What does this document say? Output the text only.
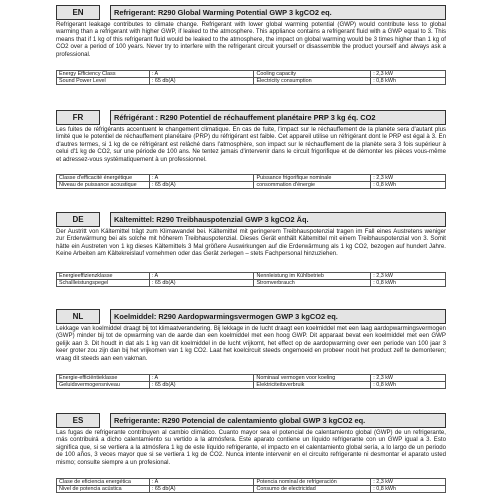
EN	Refrigerant: R290 Global Warming Potential GWP 3 kgCO2 eq.
Refrigerant leakage contributes to climate change. Refrigerant with lower global warming potential (GWP) would contribute less to global warming than a refrigerant with higher GWP, if leaked to the atmosphere. This appliance contains a refrigerant fluid with a GWP equal to 3. This means that if 1 kg of this refrigerant fluid would be leaked to the atmosphere, the impact on global warming would be 3 times higher than 1 kg of CO2 over a period of 100 years. Never try to interfere with the refrigerant circuit yourself or disassemble the product yourself and always ask a professional.
Energy Efficiency Class	: A	Cooling capacity	: 2,3 kW
Sound Power Level	: 65 db(A)	Electricity consumption	: 0,8 kWh
FR	Réfrigérant : R290 Potentiel de réchauffement planétaire PRP 3 kg éq. CO2
Les fuites de réfrigérants accentuent le changement climatique. En cas de fuite, l'impact sur le réchauffement de la planète sera d'autant plus limité que le potentiel de réchauffement planétaire (PRP) du réfrigérant est faible. Cet appareil utilise un réfrigérant dont le PRP est égal à 3. En d'autres termes, si 1 kg de ce réfrigérant est relâché dans l'atmosphère, son impact sur le réchauffement de la planète sera 3 fois supérieur à celui d'1 kg de CO2, sur une période de 100 ans. Ne tentez jamais d'intervenir dans le circuit frigorifique et de démonter les pièces vous-même et adressez-vous systématiquement à un professionnel.
Classe d'efficacité énergétique	: A	Puissance frigorifique nominale	: 2,3 kW
Niveau de puissance acoustique	: 65 db(A)	consommation d'énergie	: 0,8 kWh
DE	Kältemittel: R290 Treibhauspotenzial GWP 3 kgCO2 Äq.
Der Austritt von Kältemittel trägt zum Klimawandel bei. Kältemittel mit geringerem Treibhauspotenzial tragen im Fall eines Austretens weniger zur Erderwärmung bei als solche mit höherem Treibhauspotenzial. Dieses Gerät enthält Kältemittel mit einem Treibhauspotenzial von 3. Somit hätte ein Austreten von 1 kg dieses Kältemittels 3 Mal größere Auswirkungen auf die Erderwärmung als 1 kg CO2, bezogen auf hundert Jahre. Keine Arbeiten am Kältekreislauf vornehmen oder das Gerät zerlegen – stets Fachpersonal hinzuziehen.
Energieeffizienzklasse	: A	Nennleistung im Kühlbetrieb	: 2,3 kW
Schallleistungspegel	: 65 db(A)	Stromverbrauch	: 0,8 kWh
NL	Koelmiddel: R290 Aardopwarmingsvermogen GWP 3 kgCO2 eq.
Lekkage van koelmiddel draagt bij tot klimaatverandering. Bij lekkage in de lucht draagt een koelmiddel met een laag aardopwarmingsvermogen (GWP) minder bij tot de opwarming van de aarde dan een koelmiddel met een hoog GWP. Dit apparaat bevat een koelmiddel met een GWP gelijk aan 3. Dit houdt in dat als 1 kg van dit koelmiddel in de lucht vrijkomt, het effect op de aardopwarming over een periode van 100 jaar 3 keer groter zou zijn dan bij het vrijkomen van 1 kg CO2. Laat het koelcircuit steeds ongemoeid en probeer nooit het product zelf te demonteren; vraag dit steeds aan een vakman.
Energie-efficiëntieklasse	: A	Nominaal vermogen voor koeling	: 2,3 kW
Geluidsvermogensniveau	: 65 db(A)	Elektriciteitsverbruik	: 0,8 kWh
ES	Refrigerante: R290 Potencial de calentamiento global GWP 3 kgCO2 eq.
Las fugas de refrigerante contribuyen al cambio climático. Cuanto mayor sea el potencial de calentamiento global (GWP) de un refrigerante, más contribuirá a dicho calentamiento su vertido a la atmósfera. Este aparato contiene un líquido refrigerante con un GWP igual a 3. Esto significa que, si se vertiera a la atmósfera 1 kg de este líquido refrigerante, el impacto en el calentamiento global sería, a lo largo de un periodo de 100 años, 3 veces mayor que si se vertiera 1 kg de CO2. Nunca intente intervenir en el circuito refrigerante ni desmontar el aparato usted mismo; consulte siempre a un profesional.
Clase de eficiencia energética	: A	Potencia nominal de refrigeración	: 2,3 kW
Nivel de potencia acústica	: 65 db(A)	Consumo de electricidad	: 0,8 kWh
